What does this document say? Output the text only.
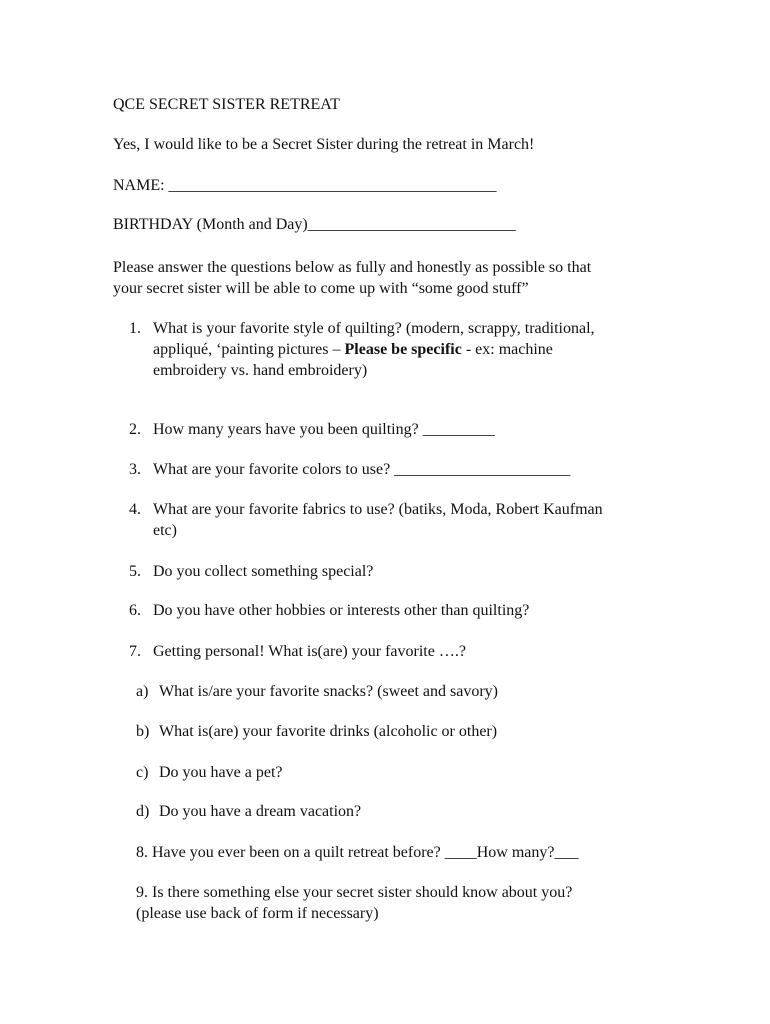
QCE SECRET SISTER RETREAT

Yes, I would like to be a Secret Sister during the retreat in March!

NAME: _________________________________________

BIRTHDAY (Month and Day)__________________________

Please answer the questions below as fully and honestly as possible so that

your secret sister will be able to come up with “some good stuff”

1. What is your favorite style of quilting? (modern, scrappy, traditional,

appliqué, ‘painting pictures – Please be specific - ex: machine

embroidery vs. hand embroidery)

2. How many years have you been quilting? _________

3. What are your favorite colors to use? ______________________

4. What are your favorite fabrics to use? (batiks, Moda, Robert Kaufman

etc)

5. Do you collect something special?

6. Do you have other hobbies or interests other than quilting?

7. Getting personal! What is(are) your favorite ….?

a) What is/are your favorite snacks? (sweet and savory)

b) What is(are) your favorite drinks (alcoholic or other)

c) Do you have a pet?

d) Do you have a dream vacation?

8. Have you ever been on a quilt retreat before? ____How many?___

9. Is there something else your secret sister should know about you?

(please use back of form if necessary)
